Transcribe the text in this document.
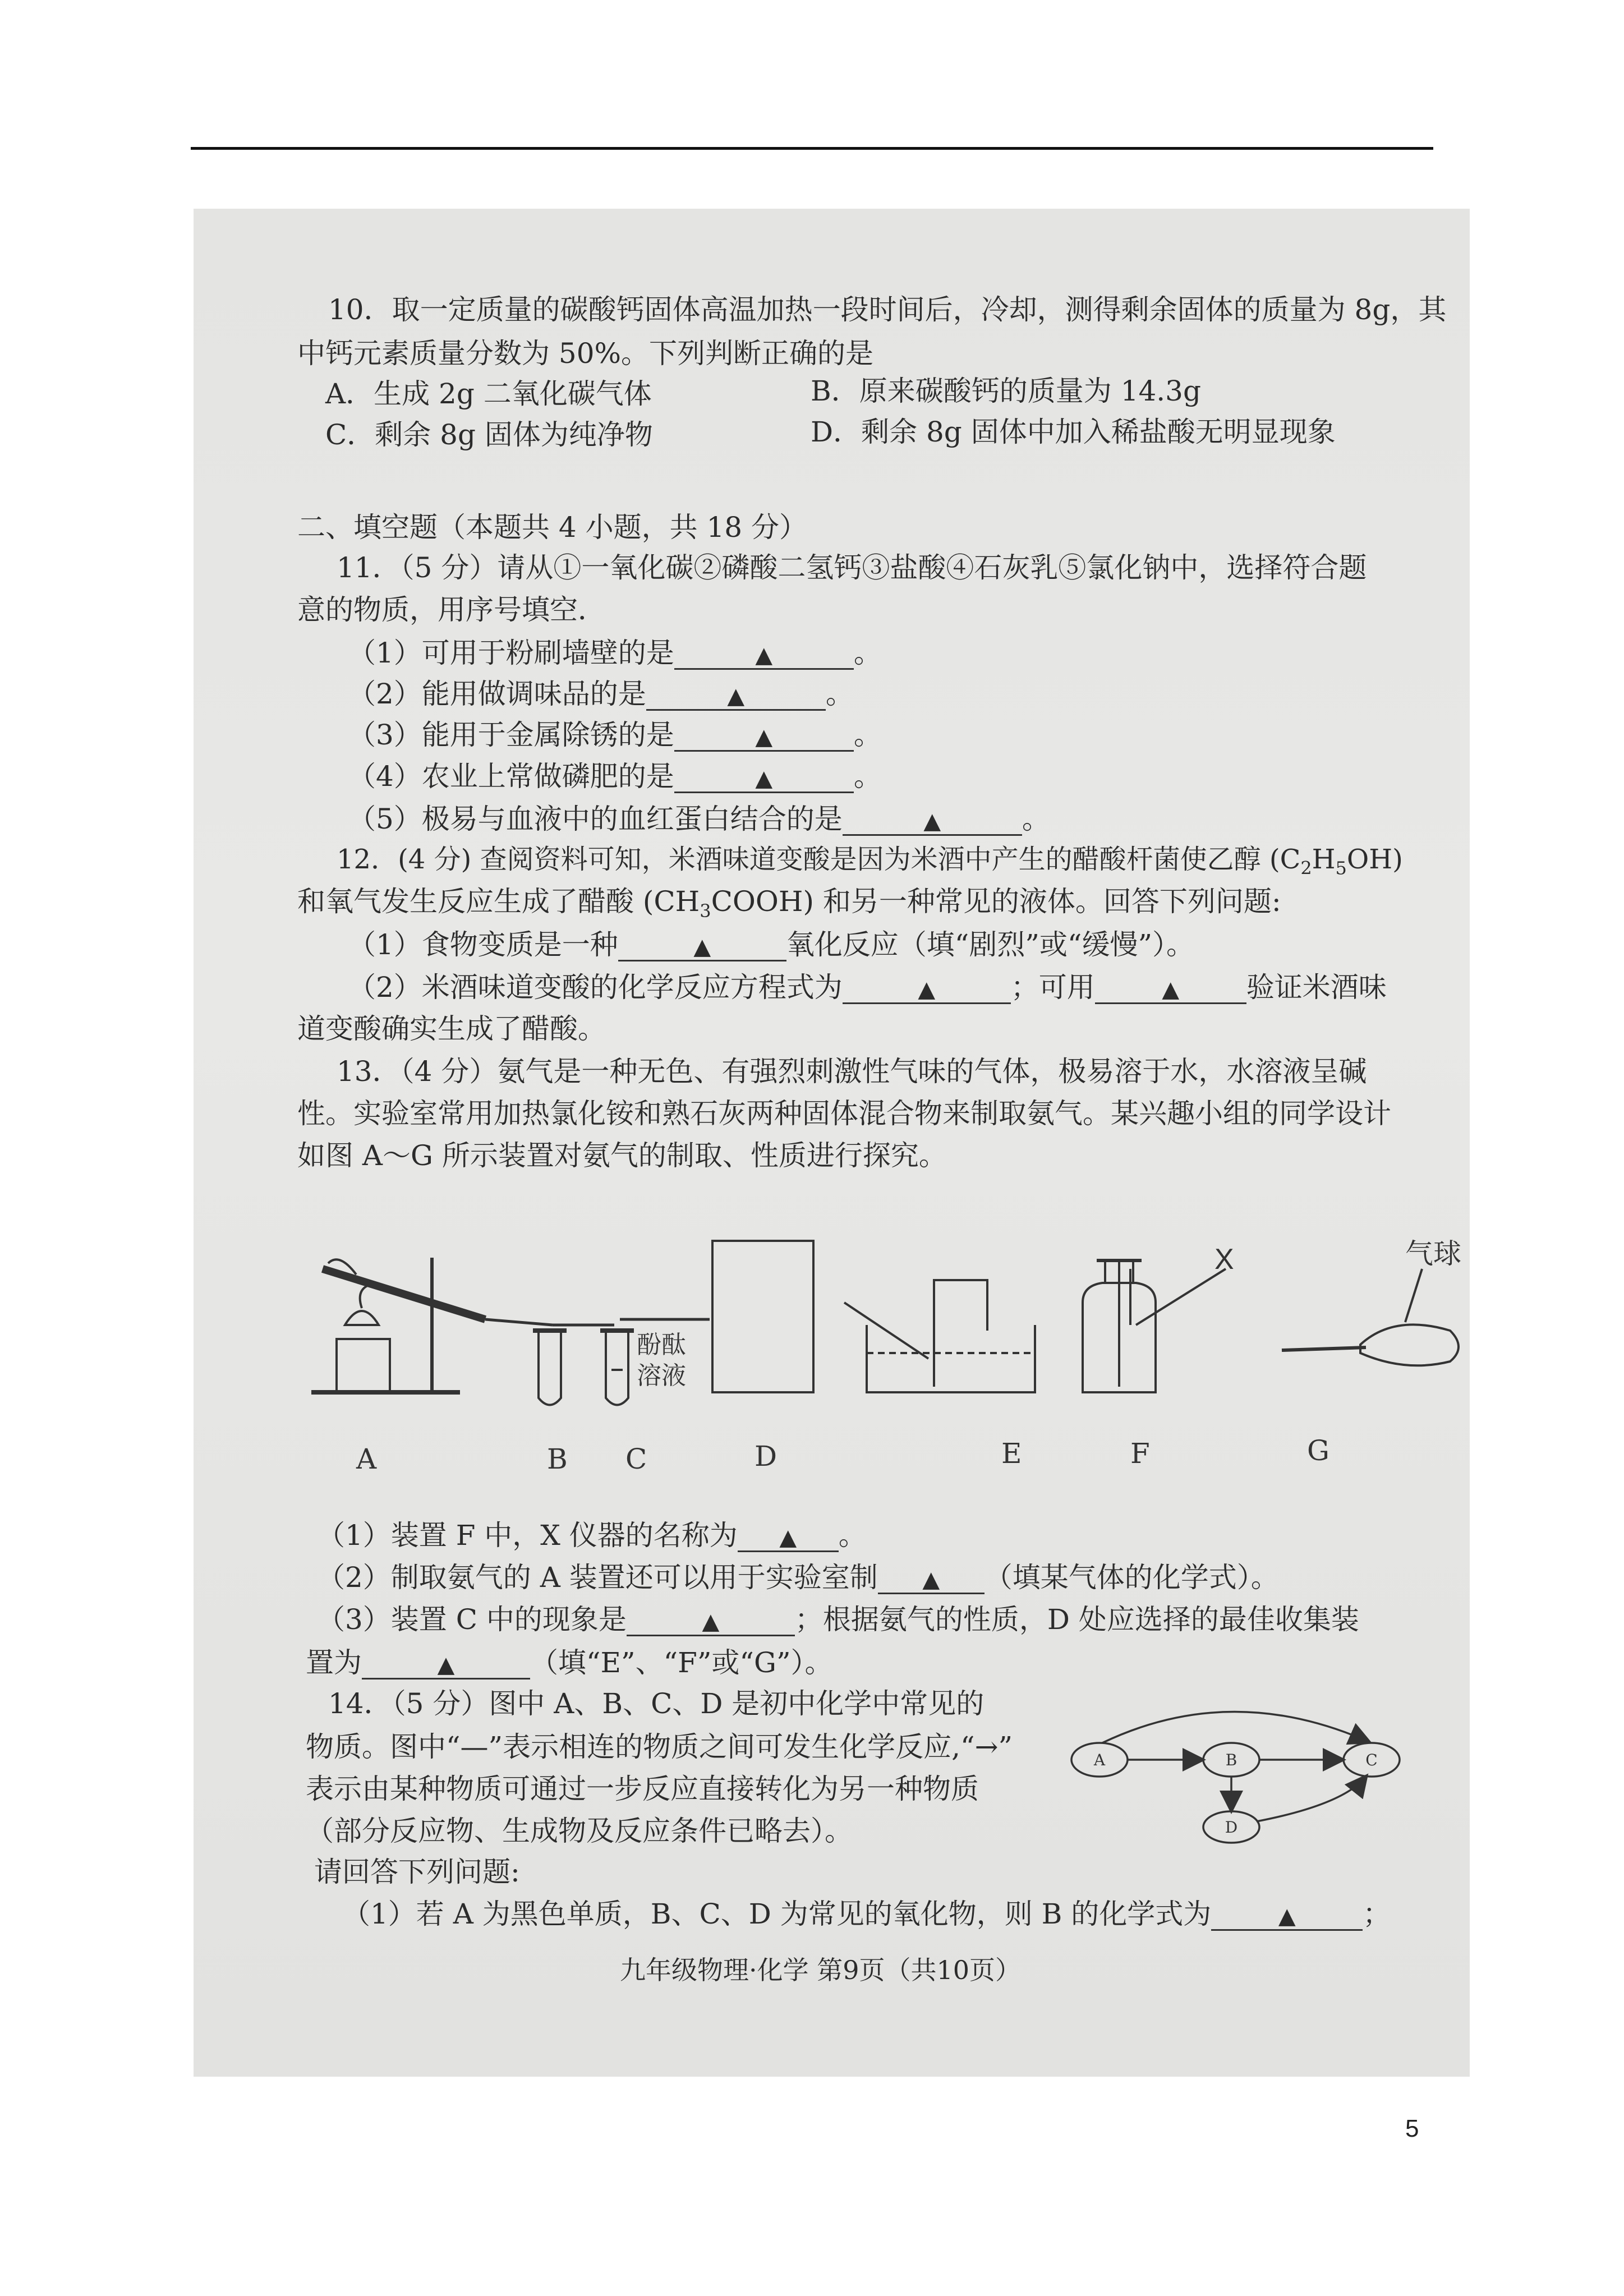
10．取一定质量的碳酸钙固体高温加热一段时间后，冷却，测得剩余固体的质量为 8g，其
中钙元素质量分数为 50%。下列判断正确的是
A．生成 2g 二氧化碳气体	B．原来碳酸钙的质量为 14.3g
C．剩余 8g 固体为纯净物	D．剩余 8g 固体中加入稀盐酸无明显现象
二、填空题（本题共 4 小题，共 18 分）
11．（5 分）请从①一氧化碳②磷酸二氢钙③盐酸④石灰乳⑤氯化钠中，选择符合题
意的物质，用序号填空．
（1）可用于粉刷墙壁的是	▲	。
（2）能用做调味品的是	▲	。
（3）能用于金属除锈的是	▲	。
（4）农业上常做磷肥的是	▲	。
（5）极易与血液中的血红蛋白结合的是	▲	。
12．(4 分) 查阅资料可知，米酒味道变酸是因为米酒中产生的醋酸杆菌使乙醇 $(C_2H_5OH)$
和氧气发生反应生成了醋酸 $(CH_3COOH)$ 和另一种常见的液体。回答下列问题:
（1）食物变质是一种	▲	氧化反应（填“剧烈”或“缓慢”）。
（2）米酒味道变酸的化学反应方程式为	▲	；可用	▲ 验证米酒味
道变酸确实生成了醋酸。
13．（4 分）氨气是一种无色、有强烈刺激性气味的气体，极易溶于水，水溶液呈碱
性。实验室常用加热氯化铵和熟石灰两种固体混合物来制取氨气。某兴趣小组的同学设计
如图 A～G 所示装置对氨气的制取、性质进行探究。
X	气球
酚酞
溶液
A	B C	D	E	F	G
（1）装置 F 中，X 仪器的名称为 ▲ 。
（2）制取氨气的 A 装置还可以用于实验室制 ▲ （填某气体的化学式）。
（3）装置 C 中的现象是	▲	；根据氨气的性质，D 处应选择的最佳收集装
置为	▲	（填“E”、“F”或“G”）。
14．（5 分）图中 A、B、C、D 是初中化学中常见的
物质。图中“—”表示相连的物质之间可发生化学反应,“→”
表示由某种物质可通过一步反应直接转化为另一种物质
（部分反应物、生成物及反应条件已略去）。
请回答下列问题:
A	B	C
D
（1）若 A 为黑色单质，B、C、D 为常见的氧化物，则 B 的化学式为	▲ ；
九年级物理·化学 第9页（共10页）
5
